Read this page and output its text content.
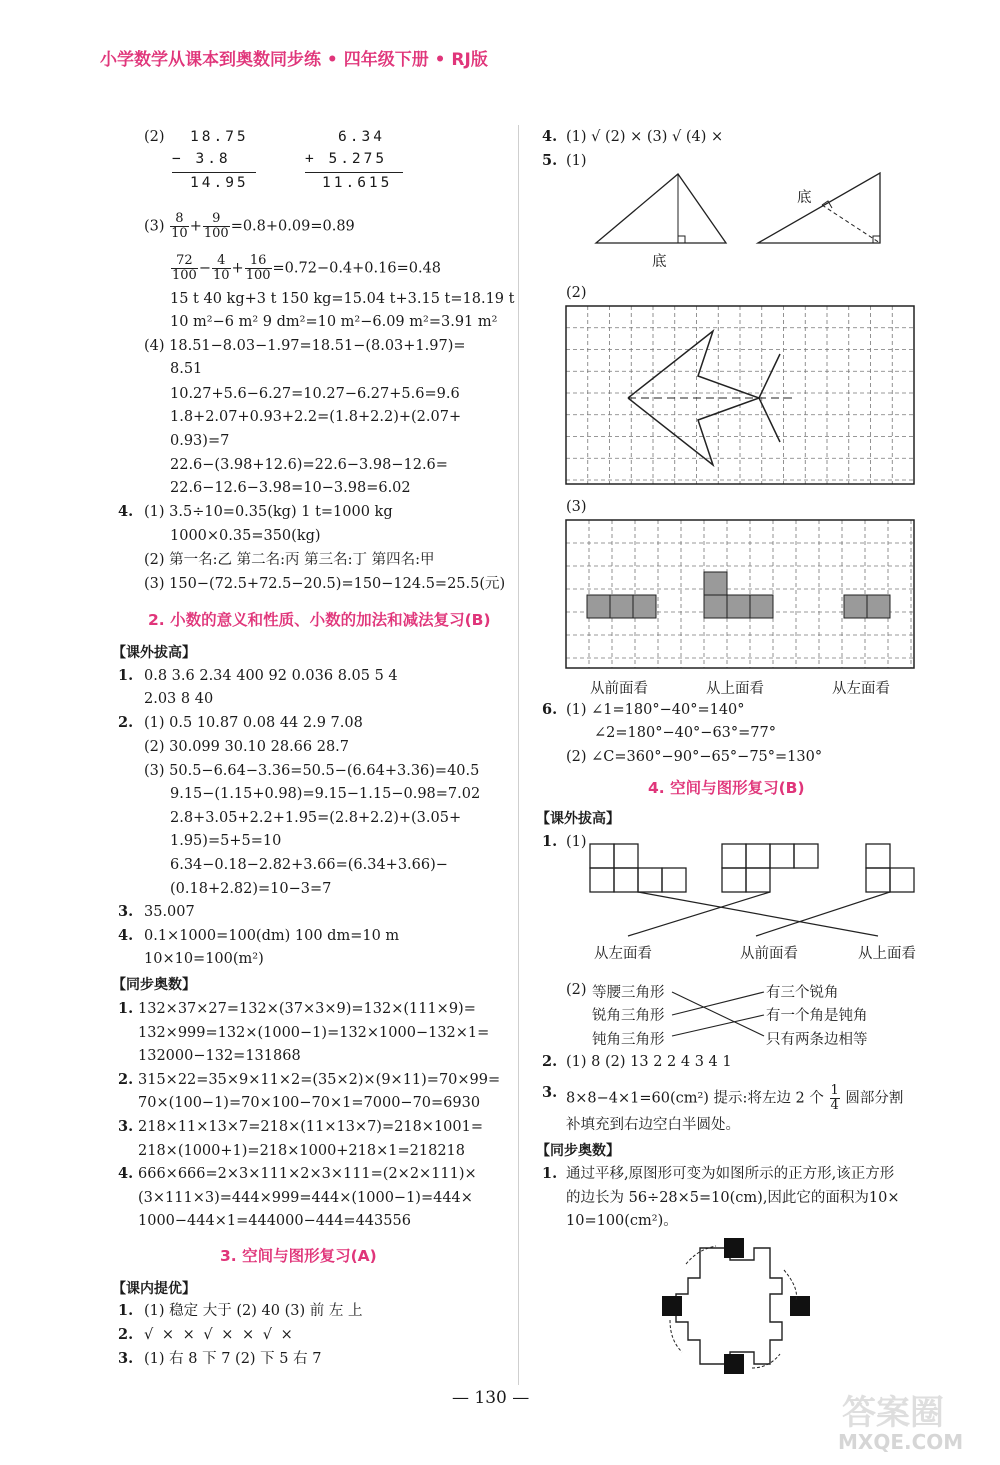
小学数学从课本到奥数同步练 • 四年级下册 • RJ版
(2) 18.75
− 3.8
14.95
6.34
+ 5.275
11.615
$(3) \frac{8}{10} + \frac{9}{100} =0.8+0.09=0.89$
$\frac{72}{100} - \frac{4}{10} + \frac{16}{100} =0.72-0.4+0.16=0.48$
15 t 40 kg+3 t 150 kg=15.04 t+3.15 t=18.19 t
10 m²−6 m² 9 dm²=10 m²−6.09 m²=3.91 m²
(4) 18.51−8.03−1.97=18.51−(8.03+1.97)=
8.51
10.27+5.6−6.27=10.27−6.27+5.6=9.6
1.8+2.07+0.93+2.2=(1.8+2.2)+(2.07+
0.93)=7
22.6−(3.98+12.6)=22.6−3.98−12.6=
22.6−12.6−3.98=10−3.98=6.02
4. (1) 3.5÷10=0.35(kg) 1 t=1000 kg
1000×0.35=350(kg)
(2) 第一名:乙 第二名:丙 第三名:丁 第四名:甲
(3) 150−(72.5+72.5−20.5)=150−124.5=25.5(元)
2. 小数的意义和性质、小数的加法和减法复习(B)
【课外拔高】
1. 0.8 3.6 2.34 400 92 0.036 8.05 5 4
2.03 8 40
2. (1) 0.5 10.87 0.08 44 2.9 7.08
(2) 30.099 30.10 28.66 28.7
(3) 50.5−6.64−3.36=50.5−(6.64+3.36)=40.5
9.15−(1.15+0.98)=9.15−1.15−0.98=7.02
2.8+3.05+2.2+1.95=(2.8+2.2)+(3.05+
1.95)=5+5=10
6.34−0.18−2.82+3.66=(6.34+3.66)−
(0.18+2.82)=10−3=7
3. 35.007
4. 0.1×1000=100(dm) 100 dm=10 m
10×10=100(m²)
【同步奥数】
1. 132×37×27=132×(37×3×9)=132×(111×9)=
132×999=132×(1000−1)=132×1000−132×1=
132000−132=131868
2. 315×22=35×9×11×2=(35×2)×(9×11)=70×99=
70×(100−1)=70×100−70×1=7000−70=6930
3. 218×11×13×7=218×(11×13×7)=218×1001=
218×(1000+1)=218×1000+218×1=218218
4. 666×666=2×3×111×2×3×111=(2×2×111)×
(3×111×3)=444×999=444×(1000−1)=444×
1000−444×1=444000−444=443556
3. 空间与图形复习(A)
【课内提优】
1. (1) 稳定 大于 (2) 40 (3) 前 左 上
2. √ × × √ × × √ ×
3. (1) 右 8 下 7 (2) 下 5 右 7
4. (1) √ (2) × (3) √ (4) ×
5. (1)
底
底
(2)
(3)
从前面看	从上面看	从左面看
6. (1) ∠1=180°−40°=140°
∠2=180°−40°−63°=77°
(2) ∠C=360°−90°−65°−75°=130°
4. 空间与图形复习(B)
【课外拔高】
1. (1)
从左面看	从前面看	从上面看
(2) 等腰三角形
锐角三角形
钝角三角形
有三个锐角
有一个角是钝角
只有两条边相等
2. (1) 8 (2) 13 2 2 4 3 4 1
3. 8×8−4×1=60(cm²) 提示:将左边 2 个 $\frac{1}{4}$ 圆部分割
补填充到右边空白半圆处。
【同步奥数】
1. 通过平移,原图形可变为如图所示的正方形,该正方形
的边长为 56÷28×5=10(cm),因此它的面积为10×
10=100(cm²)。
— 130 —	答案圈
MXQE.COM
